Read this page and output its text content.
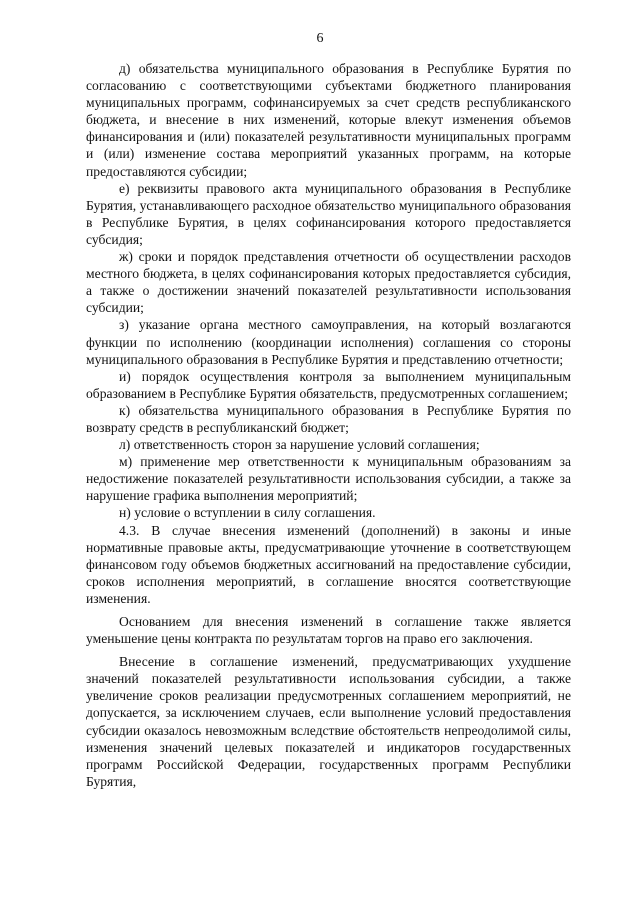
6

д) обязательства муниципального образования в Республике Бурятия по согласованию с соответствующими субъектами бюджетного планирования муниципальных программ, софинансируемых за счет средств республиканского бюджета, и внесение в них изменений, которые влекут изменения объемов финансирования и (или) показателей результативности муниципальных программ и (или) изменение состава мероприятий указанных программ, на которые предоставляются субсидии;

е) реквизиты правового акта муниципального образования в Республике Бурятия, устанавливающего расходное обязательство муниципального образования в Республике Бурятия, в целях софинансирования которого предоставляется субсидия;

ж) сроки и порядок представления отчетности об осуществлении расходов местного бюджета, в целях софинансирования которых предоставляется субсидия, а также о достижении значений показателей результативности использования субсидии;

з) указание органа местного самоуправления, на который возлагаются функции по исполнению (координации исполнения) соглашения со стороны муниципального образования в Республике Бурятия и представлению отчетности;

и) порядок осуществления контроля за выполнением муниципальным образованием в Республике Бурятия обязательств, предусмотренных соглашением;

к) обязательства муниципального образования в Республике Бурятия по возврату средств в республиканский бюджет;

л) ответственность сторон за нарушение условий соглашения;

м) применение мер ответственности к муниципальным образованиям за недостижение показателей результативности использования субсидии, а также за нарушение графика выполнения мероприятий;

н) условие о вступлении в силу соглашения.

4.3. В случае внесения изменений (дополнений) в законы и иные нормативные правовые акты, предусматривающие уточнение в соответствующем финансовом году объемов бюджетных ассигнований на предоставление субсидии, сроков исполнения мероприятий, в соглашение вносятся соответствующие изменения.

Основанием для внесения изменений в соглашение также является уменьшение цены контракта по результатам торгов на право его заключения.

Внесение в соглашение изменений, предусматривающих ухудшение значений показателей результативности использования субсидии, а также увеличение сроков реализации предусмотренных соглашением мероприятий, не допускается, за исключением случаев, если выполнение условий предоставления субсидии оказалось невозможным вследствие обстоятельств непреодолимой силы, изменения значений целевых показателей и индикаторов государственных программ Российской Федерации, государственных программ Республики Бурятия,
